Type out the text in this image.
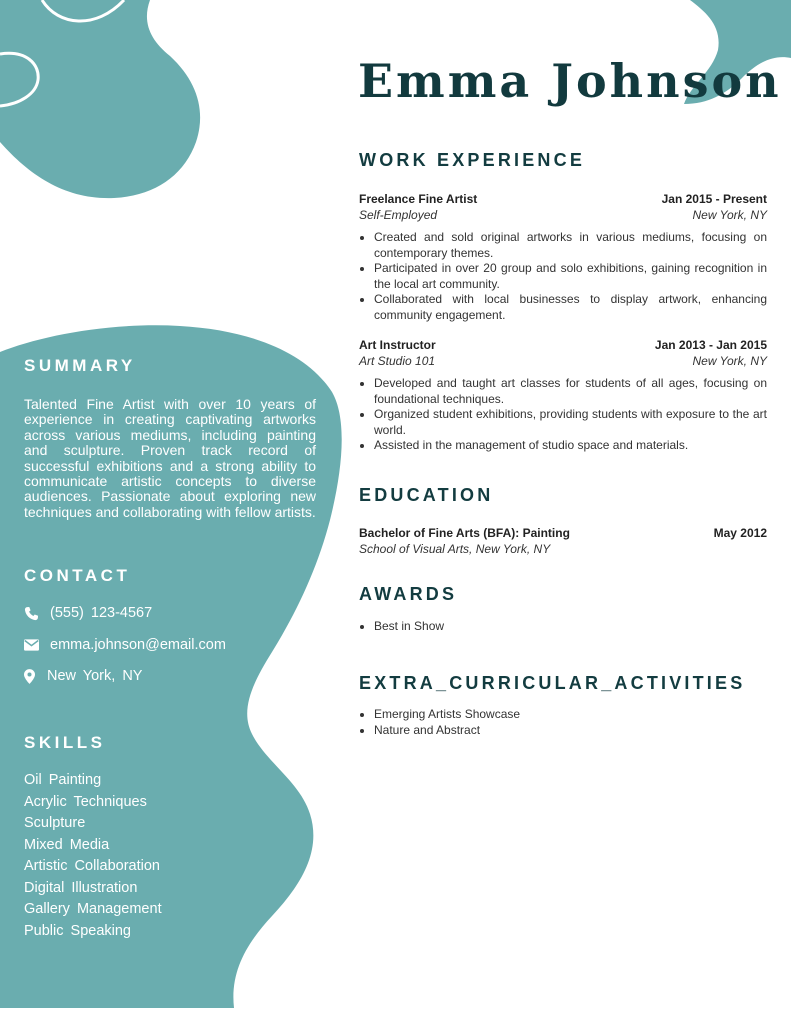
Emma Johnson
SUMMARY

Talented Fine Artist with over 10 years of experience in creating captivating artworks across various mediums, including painting and sculpture. Proven track record of successful exhibitions and a strong ability to communicate artistic concepts to diverse audiences. Passionate about exploring new techniques and collaborating with fellow artists.

CONTACT
(555) 123-4567
emma.johnson@email.com
New York, NY
SKILLS
Oil Painting
Acrylic Techniques
Sculpture
Mixed Media
Artistic Collaboration
Digital Illustration
Gallery Management
Public Speaking
WORK EXPERIENCE
Freelance Fine Artist	Jan 2015 - Present
Self-Employed	New York, NY
• Created and sold original artworks in various mediums, focusing on contemporary themes.
• Participated in over 20 group and solo exhibitions, gaining recognition in the local art community.
• Collaborated with local businesses to display artwork, enhancing community engagement.
Art Instructor	Jan 2013 - Jan 2015
Art Studio 101	New York, NY
• Developed and taught art classes for students of all ages, focusing on foundational techniques.
• Organized student exhibitions, providing students with exposure to the art world.
• Assisted in the management of studio space and materials.
EDUCATION
Bachelor of Fine Arts (BFA): Painting	May 2012
School of Visual Arts, New York, NY
AWARDS
• Best in Show
EXTRA_CURRICULAR_ACTIVITIES
• Emerging Artists Showcase
• Nature and Abstract
